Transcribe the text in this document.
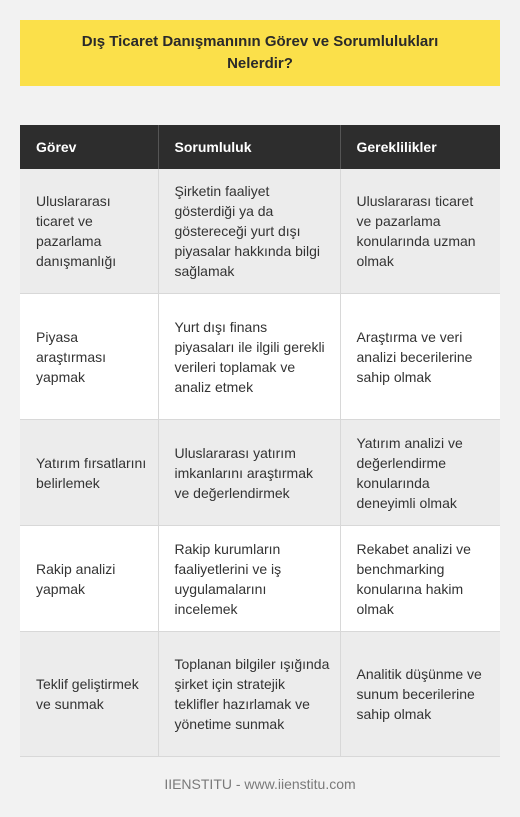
Dış Ticaret Danışmanının Görev ve Sorumlulukları Nelerdir?
Görev	Sorumluluk	Gereklilikler
Uluslararası ticaret ve pazarlama danışmanlığı	Şirketin faaliyet gösterdiği ya da göstereceği yurt dışı piyasalar hakkında bilgi sağlamak	Uluslararası ticaret ve pazarlama konularında uzman olmak
Piyasa araştırması yapmak	Yurt dışı finans piyasaları ile ilgili gerekli verileri toplamak ve analiz etmek	Araştırma ve veri analizi becerilerine sahip olmak
Yatırım fırsatlarını belirlemek	Uluslararası yatırım imkanlarını araştırmak ve değerlendirmek	Yatırım analizi ve değerlendirme konularında deneyimli olmak
Rakip analizi yapmak	Rakip kurumların faaliyetlerini ve iş uygulamalarını incelemek	Rekabet analizi ve benchmarking konularına hakim olmak
Teklif geliştirmek ve sunmak	Toplanan bilgiler ışığında şirket için stratejik teklifler hazırlamak ve yönetime sunmak	Analitik düşünme ve sunum becerilerine sahip olmak
IIENSTITU - www.iienstitu.com
